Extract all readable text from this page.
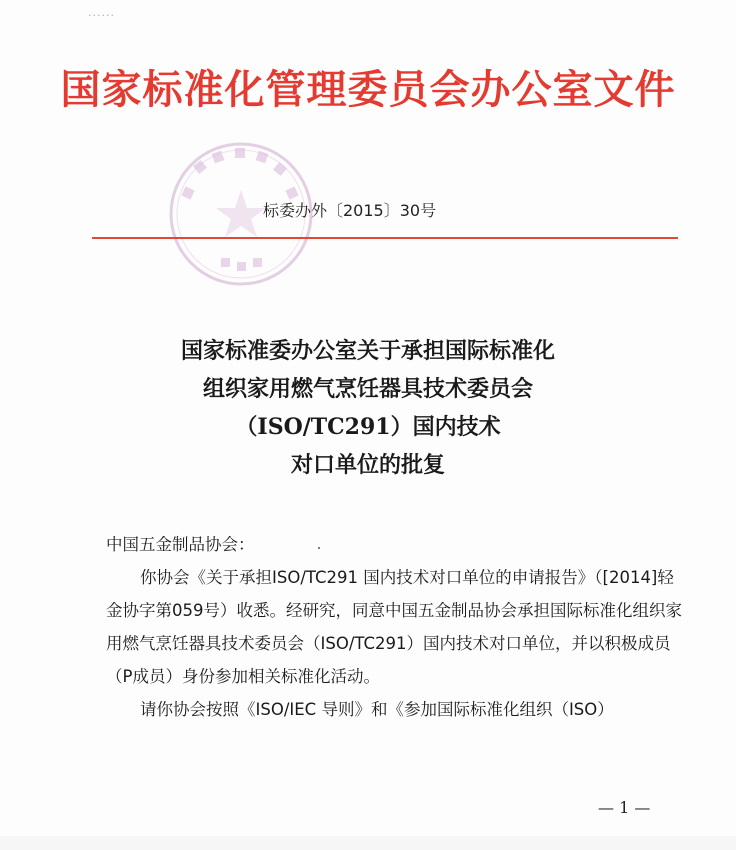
......
国家标准化管理委员会办公室文件
标委办外〔2015〕30号
国家标准委办公室关于承担国际标准化
组织家用燃气烹饪器具技术委员会
（ISO/TC291）国内技术
对口单位的批复

中国五金制品协会：

你协会《关于承担ISO/TC291 国内技术对口单位的申请报告》（[2014]轻金协字第059号）收悉。经研究，同意中国五金制品协会承担国际标准化组织家用燃气烹饪器具技术委员会（ISO/TC291）国内技术对口单位，并以积极成员（P成员）身份参加相关标准化活动。

请你协会按照《ISO/IEC 导则》和《参加国际标准化组织（ISO）

— 1 —
